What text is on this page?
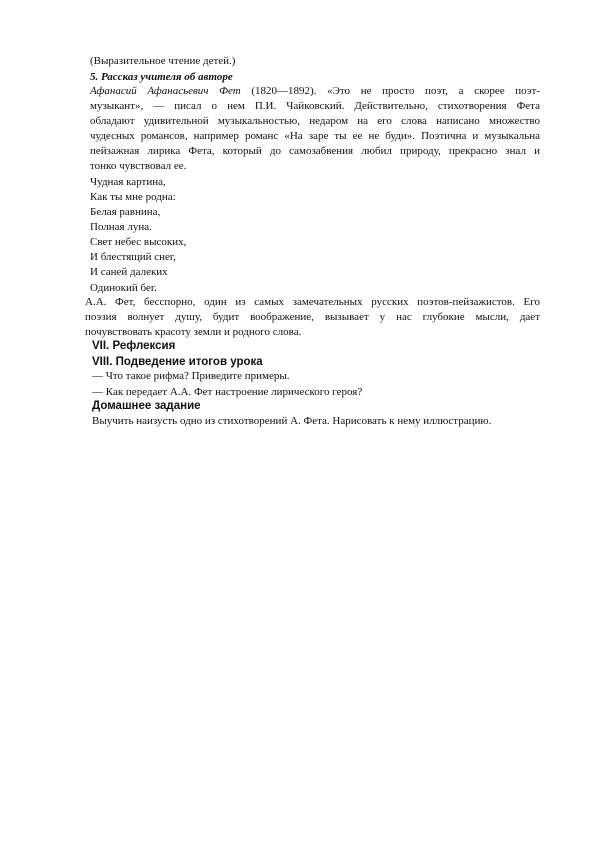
(Выразительное чтение детей.)
5. Рассказ учителя об авторе
Афанасий Афанасьевич Фет (1820—1892). «Это не просто поэт, а скорее поэт-
музыкант», — писал о нем П.И. Чайковский. Действительно, стихотворения Фета
обладают удивительной музыкальностью, недаром на его слова написано множество
чудесных романсов, например романс «На заре ты ее не буди». Поэтична и музыкальна
пейзажная лирика Фета, который до самозабвения любил природу, прекрасно знал и
тонко чувствовал ее.
Чудная картина,
Как ты мне родна:
Белая равнина,
Полная луна.
Свет небес высоких,
И блестящий снег,
И саней далеких
Одинокий бег.
А.А. Фет, бесспорно, один из самых замечательных русских поэтов-пейзажистов. Его
поэзия волнует душу, будит воображение, вызывает у нас глубокие мысли, дает
почувствовать красоту земли и родного слова.
VII. Рефлексия
VIII. Подведение итогов урока
— Что такое рифма? Приведите примеры.
— Как передает А.А. Фет настроение лирического героя?
Домашнее задание
Выучить наизусть одно из стихотворений А. Фета. Нарисовать к нему иллюстрацию.
